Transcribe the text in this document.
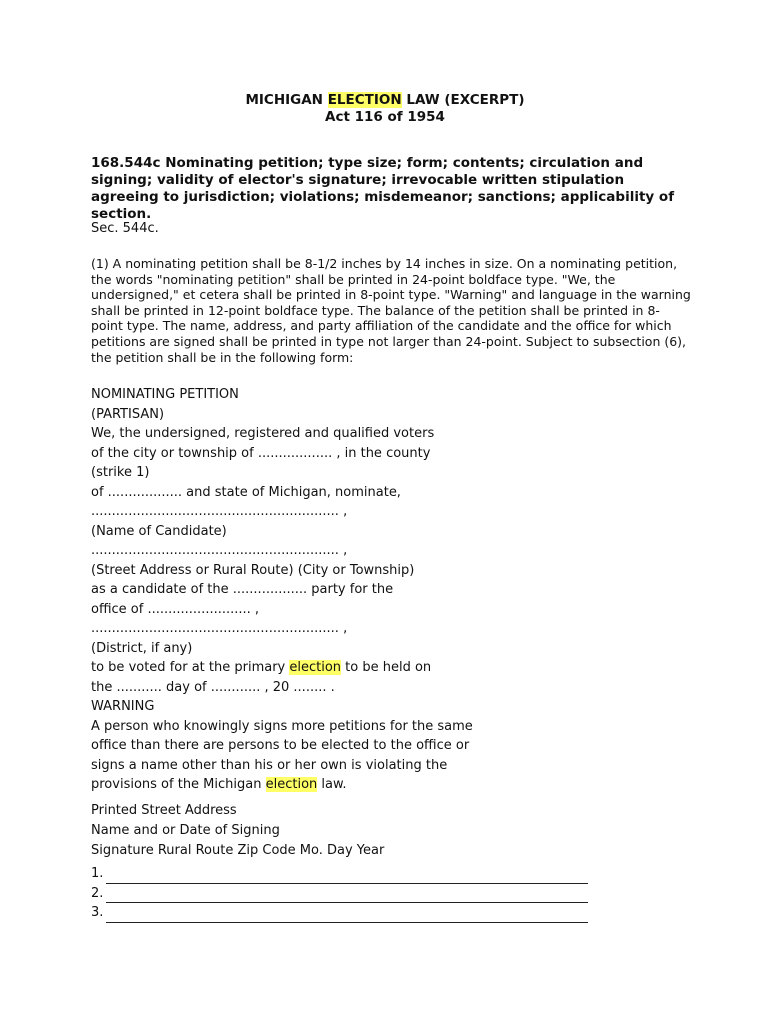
MICHIGAN ELECTION LAW (EXCERPT)

Act 116 of 1954

168.544c Nominating petition; type size; form; contents; circulation and signing; validity of elector's signature; irrevocable written stipulation agreeing to jurisdiction; violations; misdemeanor; sanctions; applicability of section.

Sec. 544c.

(1) A nominating petition shall be 8-1/2 inches by 14 inches in size. On a nominating petition, the words "nominating petition" shall be printed in 24-point boldface type. "We, the undersigned," et cetera shall be printed in 8-point type. "Warning" and language in the warning shall be printed in 12-point boldface type. The balance of the petition shall be printed in 8-point type. The name, address, and party affiliation of the candidate and the office for which petitions are signed shall be printed in type not larger than 24-point. Subject to subsection (6), the petition shall be in the following form:

NOMINATING PETITION
(PARTISAN)
We, the undersigned, registered and qualified voters
of the city or township of .................. , in the county
(strike 1)
of .................. and state of Michigan, nominate,
............................................................ ,
(Name of Candidate)
............................................................ ,
(Street Address or Rural Route) (City or Township)
as a candidate of the .................. party for the
office of ......................... ,
............................................................ ,
(District, if any)
to be voted for at the primary election to be held on
the ........... day of ............ , 20 ........ .
WARNING
A person who knowingly signs more petitions for the same
office than there are persons to be elected to the office or
signs a name other than his or her own is violating the
provisions of the Michigan election law.
Printed Street Address
Name and or Date of Signing
Signature Rural Route Zip Code Mo. Day Year
1.
2.
3.
